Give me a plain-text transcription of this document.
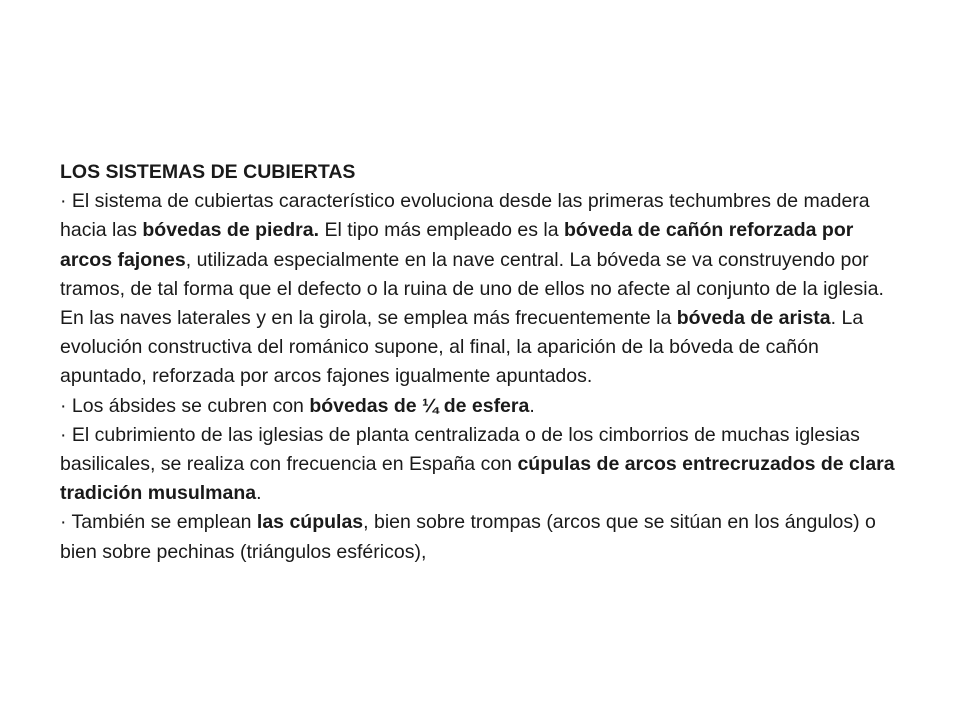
LOS SISTEMAS DE CUBIERTAS

· El sistema de cubiertas característico evoluciona desde las primeras techumbres de madera hacia las bóvedas de piedra. El tipo más empleado es la bóveda de cañón reforzada por arcos fajones, utilizada especialmente en la nave central. La bóveda se va construyendo por tramos, de tal forma que el defecto o la ruina de uno de ellos no afecte al conjunto de la iglesia. En las naves laterales y en la girola, se emplea más frecuentemente la bóveda de arista. La evolución constructiva del románico supone, al final, la aparición de la bóveda de cañón apuntado, reforzada por arcos fajones igualmente apuntados.

· Los ábsides se cubren con bóvedas de ¼ de esfera.

· El cubrimiento de las iglesias de planta centralizada o de los cimborrios de muchas iglesias basilicales, se realiza con frecuencia en España con cúpulas de arcos entrecruzados de clara tradición musulmana.

· También se emplean las cúpulas, bien sobre trompas (arcos que se sitúan en los ángulos) o bien sobre pechinas (triángulos esféricos),
